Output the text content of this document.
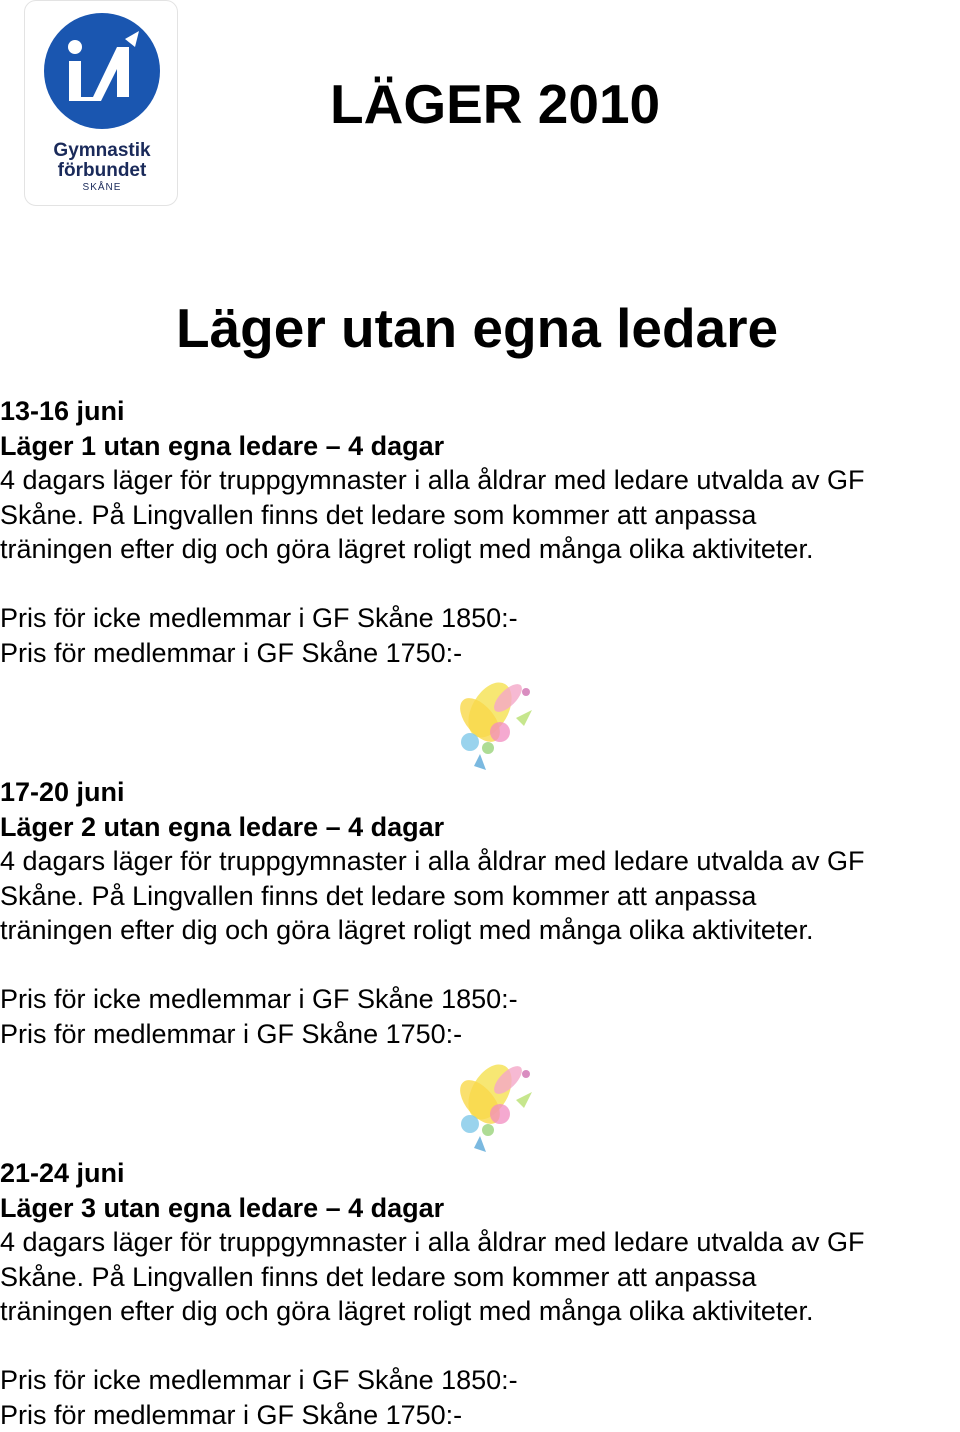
Gymnastik
förbundet
SKÅNE
LÄGER 2010
Läger utan egna ledare
13-16 juni
Läger 1 utan egna ledare – 4 dagar
4 dagars läger för truppgymnaster i alla åldrar med ledare utvalda av GF
Skåne. På Lingvallen finns det ledare som kommer att anpassa
träningen efter dig och göra lägret roligt med många olika aktiviteter.
Pris för icke medlemmar i GF Skåne 1850:-
Pris för medlemmar i GF Skåne 1750:-
17-20 juni
Läger 2 utan egna ledare – 4 dagar
4 dagars läger för truppgymnaster i alla åldrar med ledare utvalda av GF
Skåne. På Lingvallen finns det ledare som kommer att anpassa
träningen efter dig och göra lägret roligt med många olika aktiviteter.
Pris för icke medlemmar i GF Skåne 1850:-
Pris för medlemmar i GF Skåne 1750:-
21-24 juni
Läger 3 utan egna ledare – 4 dagar
4 dagars läger för truppgymnaster i alla åldrar med ledare utvalda av GF
Skåne. På Lingvallen finns det ledare som kommer att anpassa
träningen efter dig och göra lägret roligt med många olika aktiviteter.
Pris för icke medlemmar i GF Skåne 1850:-
Pris för medlemmar i GF Skåne 1750:-
